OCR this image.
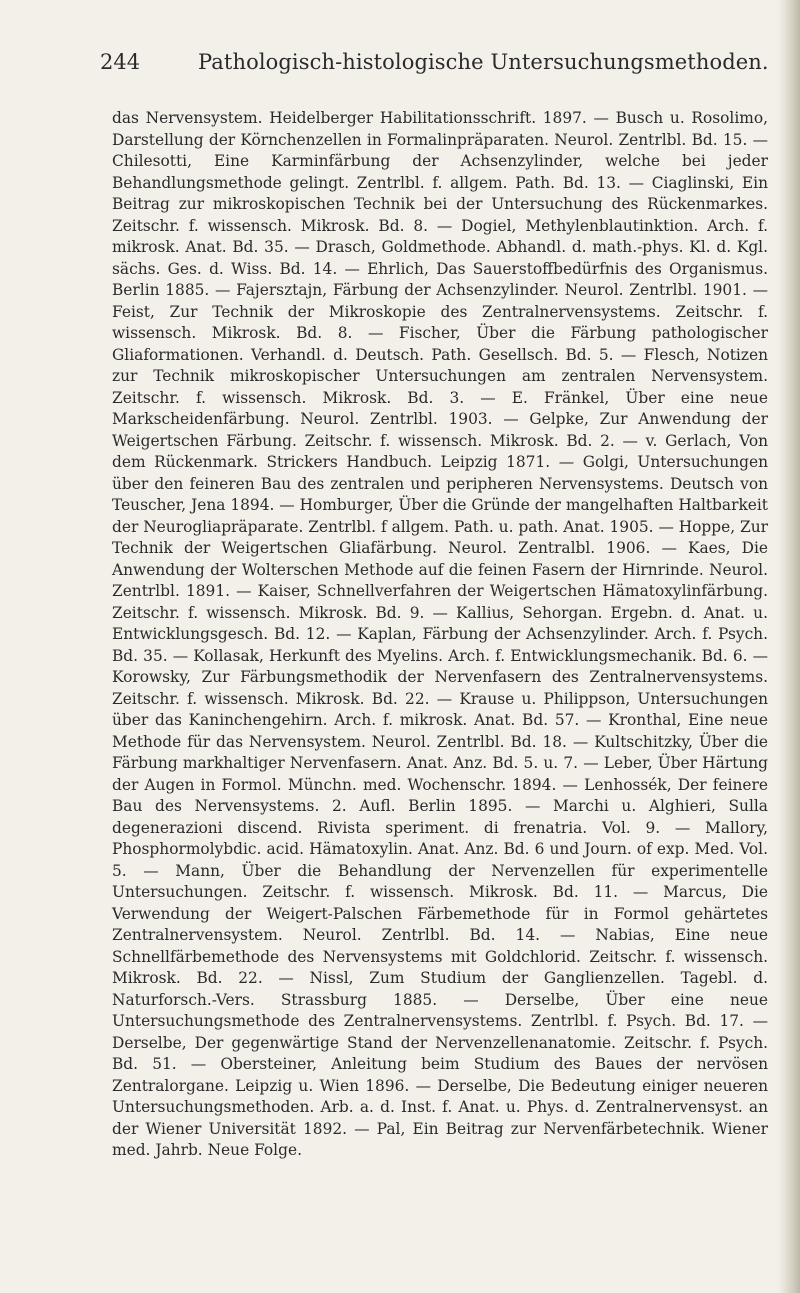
244	Pathologisch-histologische Untersuchungsmethoden.

das Nervensystem. Heidelberger Habilitationsschrift. 1897. — Busch u. Rosolimo, Darstellung der Körnchenzellen in Formalinpräparaten. Neurol. Zentrlbl. Bd. 15. — Chilesotti, Eine Karminfärbung der Achsenzylinder, welche bei jeder Behandlungsmethode gelingt. Zentrlbl. f. allgem. Path. Bd. 13. — Ciaglinski, Ein Beitrag zur mikroskopischen Technik bei der Untersuchung des Rückenmarkes. Zeitschr. f. wissensch. Mikrosk. Bd. 8. — Dogiel, Methylenblautinktion. Arch. f. mikrosk. Anat. Bd. 35. — Drasch, Goldmethode. Abhandl. d. math.-phys. Kl. d. Kgl. sächs. Ges. d. Wiss. Bd. 14. — Ehrlich, Das Sauerstoffbedürfnis des Organismus. Berlin 1885. — Fajersztajn, Färbung der Achsenzylinder. Neurol. Zentrlbl. 1901. — Feist, Zur Technik der Mikroskopie des Zentralnervensystems. Zeitschr. f. wissensch. Mikrosk. Bd. 8. — Fischer, Über die Färbung pathologischer Gliaformationen. Verhandl. d. Deutsch. Path. Gesellsch. Bd. 5. — Flesch, Notizen zur Technik mikroskopischer Untersuchungen am zentralen Nervensystem. Zeitschr. f. wissensch. Mikrosk. Bd. 3. — E. Fränkel, Über eine neue Markscheidenfärbung. Neurol. Zentrlbl. 1903. — Gelpke, Zur Anwendung der Weigertschen Färbung. Zeitschr. f. wissensch. Mikrosk. Bd. 2. — v. Gerlach, Von dem Rückenmark. Strickers Handbuch. Leipzig 1871. — Golgi, Untersuchungen über den feineren Bau des zentralen und peripheren Nervensystems. Deutsch von Teuscher, Jena 1894. — Homburger, Über die Gründe der mangelhaften Haltbarkeit der Neurogliapräparate. Zentrlbl. f allgem. Path. u. path. Anat. 1905. — Hoppe, Zur Technik der Weigertschen Gliafärbung. Neurol. Zentralbl. 1906. — Kaes, Die Anwendung der Wolterschen Methode auf die feinen Fasern der Hirnrinde. Neurol. Zentrlbl. 1891. — Kaiser, Schnellverfahren der Weigertschen Hämatoxylinfärbung. Zeitschr. f. wissensch. Mikrosk. Bd. 9. — Kallius, Sehorgan. Ergebn. d. Anat. u. Entwicklungsgesch. Bd. 12. — Kaplan, Färbung der Achsenzylinder. Arch. f. Psych. Bd. 35. — Kollasak, Herkunft des Myelins. Arch. f. Entwicklungsmechanik. Bd. 6. — Korowsky, Zur Färbungsmethodik der Nervenfasern des Zentralnervensystems. Zeitschr. f. wissensch. Mikrosk. Bd. 22. — Krause u. Philippson, Untersuchungen über das Kaninchengehirn. Arch. f. mikrosk. Anat. Bd. 57. — Kronthal, Eine neue Methode für das Nervensystem. Neurol. Zentrlbl. Bd. 18. — Kultschitzky, Über die Färbung markhaltiger Nervenfasern. Anat. Anz. Bd. 5. u. 7. — Leber, Über Härtung der Augen in Formol. Münchn. med. Wochenschr. 1894. — Lenhossék, Der feinere Bau des Nervensystems. 2. Aufl. Berlin 1895. — Marchi u. Alghieri, Sulla degenerazioni discend. Rivista speriment. di frenatria. Vol. 9. — Mallory, Phosphormolybdic. acid. Hämatoxylin. Anat. Anz. Bd. 6 und Journ. of exp. Med. Vol. 5. — Mann, Über die Behandlung der Nervenzellen für experimentelle Untersuchungen. Zeitschr. f. wissensch. Mikrosk. Bd. 11. — Marcus, Die Verwendung der Weigert-Palschen Färbemethode für in Formol gehärtetes Zentralnervensystem. Neurol. Zentrlbl. Bd. 14. — Nabias, Eine neue Schnellfärbemethode des Nervensystems mit Goldchlorid. Zeitschr. f. wissensch. Mikrosk. Bd. 22. — Nissl, Zum Studium der Ganglienzellen. Tagebl. d. Naturforsch.-Vers. Strassburg 1885. — Derselbe, Über eine neue Untersuchungsmethode des Zentralnervensystems. Zentrlbl. f. Psych. Bd. 17. — Derselbe, Der gegenwärtige Stand der Nervenzellenanatomie. Zeitschr. f. Psych. Bd. 51. — Obersteiner, Anleitung beim Studium des Baues der nervösen Zentralorgane. Leipzig u. Wien 1896. — Derselbe, Die Bedeutung einiger neueren Untersuchungsmethoden. Arb. a. d. Inst. f. Anat. u. Phys. d. Zentralnervensyst. an der Wiener Universität 1892. — Pal, Ein Beitrag zur Nervenfärbetechnik. Wiener med. Jahrb. Neue Folge.
